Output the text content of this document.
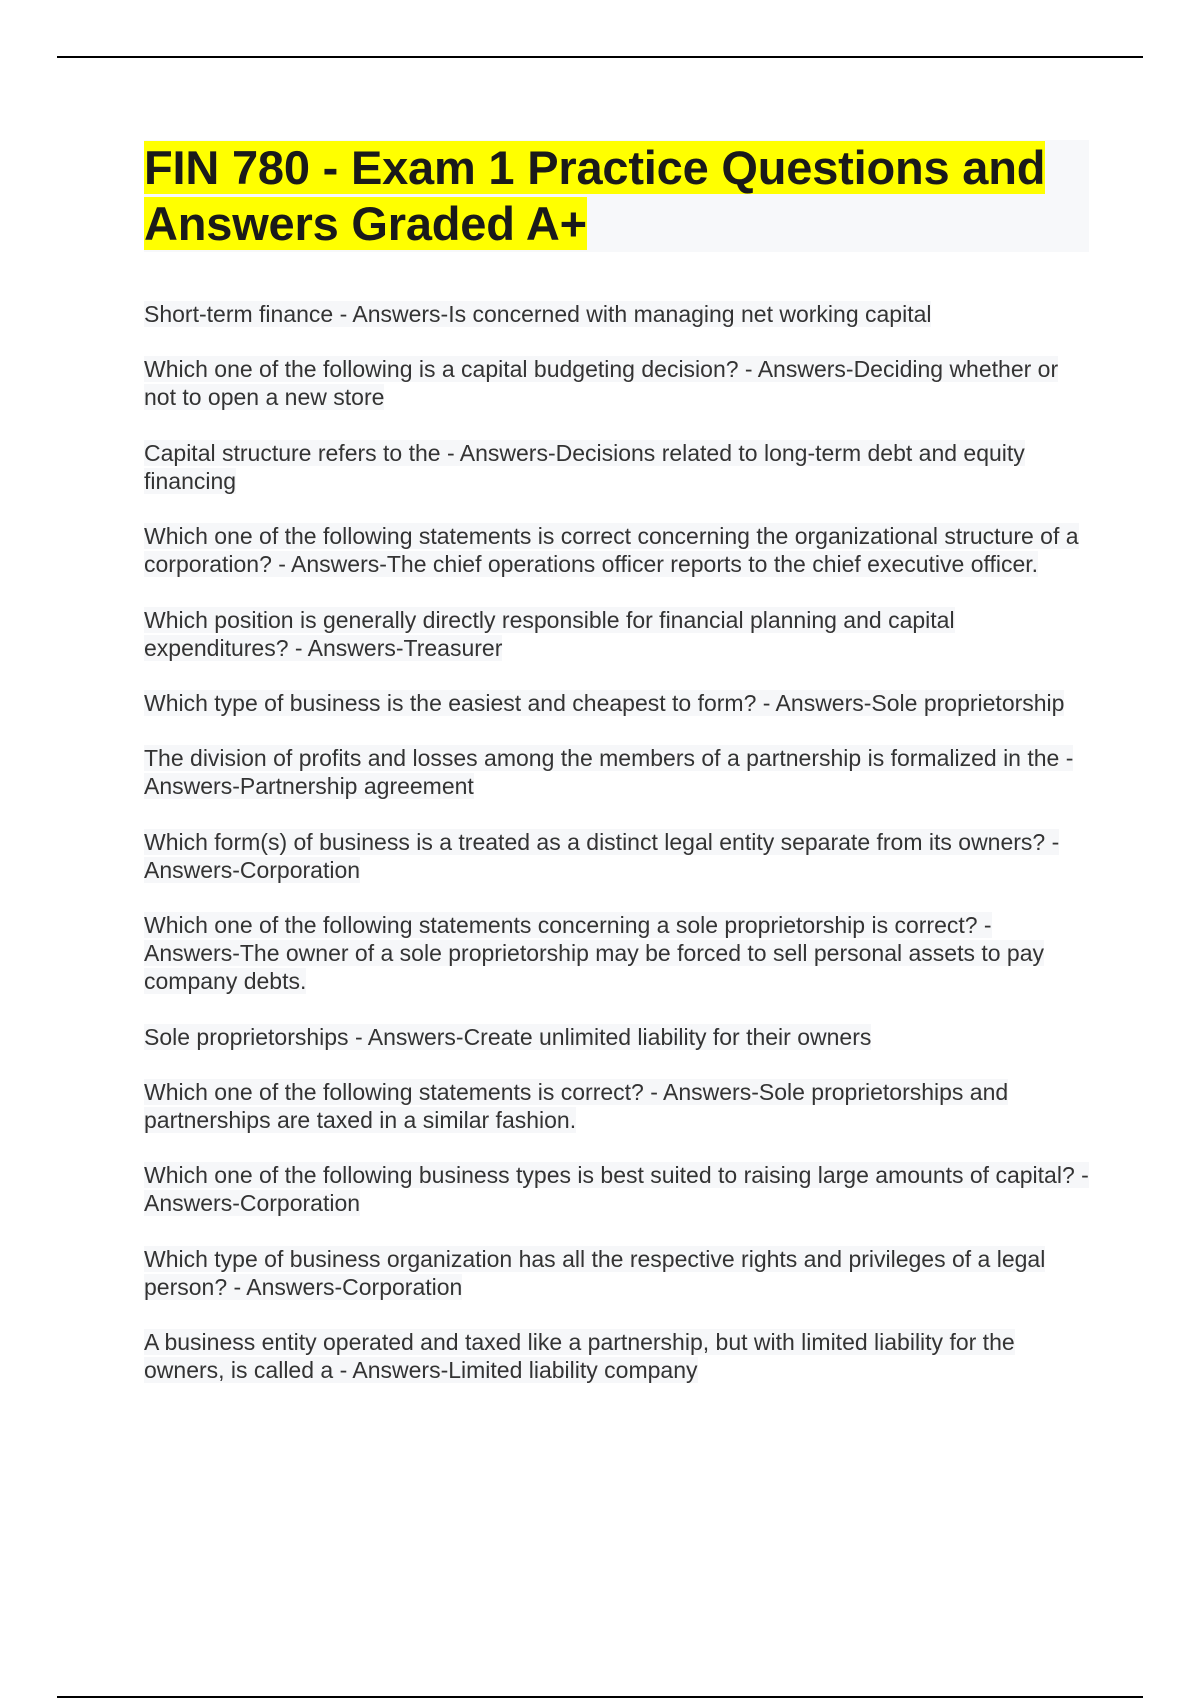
FIN 780 - Exam 1 Practice Questions and Answers Graded A+
Short-term finance - Answers-Is concerned with managing net working capital
Which one of the following is a capital budgeting decision? - Answers-Deciding whether or not to open a new store
Capital structure refers to the - Answers-Decisions related to long-term debt and equity financing
Which one of the following statements is correct concerning the organizational structure of a corporation? - Answers-The chief operations officer reports to the chief executive officer.
Which position is generally directly responsible for financial planning and capital expenditures? - Answers-Treasurer
Which type of business is the easiest and cheapest to form? - Answers-Sole proprietorship
The division of profits and losses among the members of a partnership is formalized in the - Answers-Partnership agreement
Which form(s) of business is a treated as a distinct legal entity separate from its owners? - Answers-Corporation
Which one of the following statements concerning a sole proprietorship is correct? - Answers-The owner of a sole proprietorship may be forced to sell personal assets to pay company debts.
Sole proprietorships - Answers-Create unlimited liability for their owners
Which one of the following statements is correct? - Answers-Sole proprietorships and partnerships are taxed in a similar fashion.
Which one of the following business types is best suited to raising large amounts of capital? - Answers-Corporation
Which type of business organization has all the respective rights and privileges of a legal person? - Answers-Corporation
A business entity operated and taxed like a partnership, but with limited liability for the owners, is called a - Answers-Limited liability company
